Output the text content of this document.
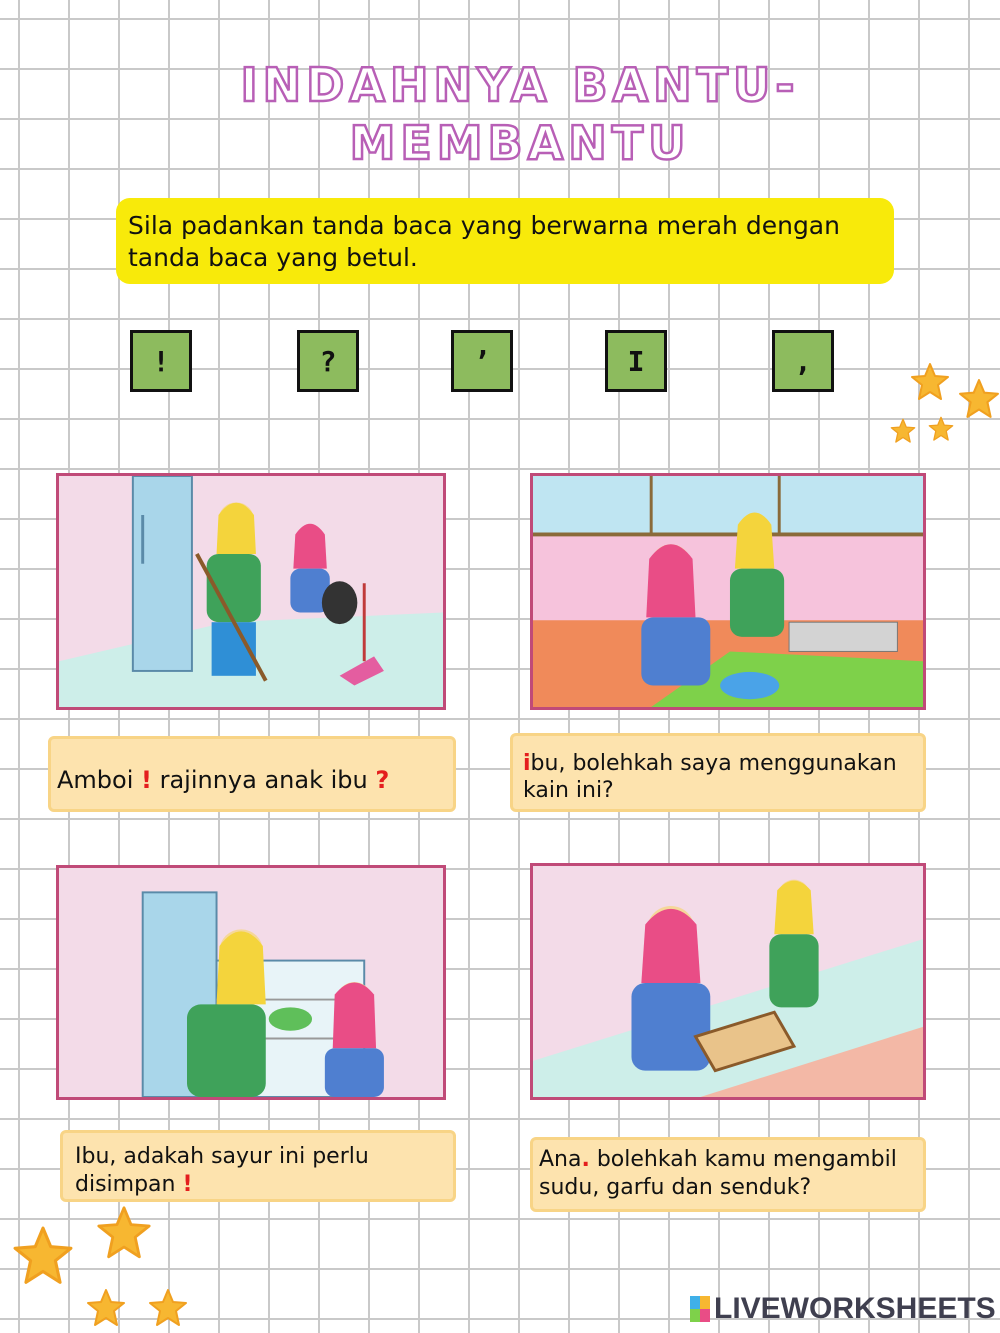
INDAHNYA BANTU-
MEMBANTU
Sila padankan tanda baca yang berwarna merah dengan tanda baca yang betul.
!	?	’	I	,
Amboi ! rajinnya anak ibu ?
ibu, bolehkah saya menggunakan kain ini?
Ibu, adakah sayur ini perlu disimpan !
Ana. bolehkah kamu mengambil sudu, garfu dan senduk?
LIVEWORKSHEETS
